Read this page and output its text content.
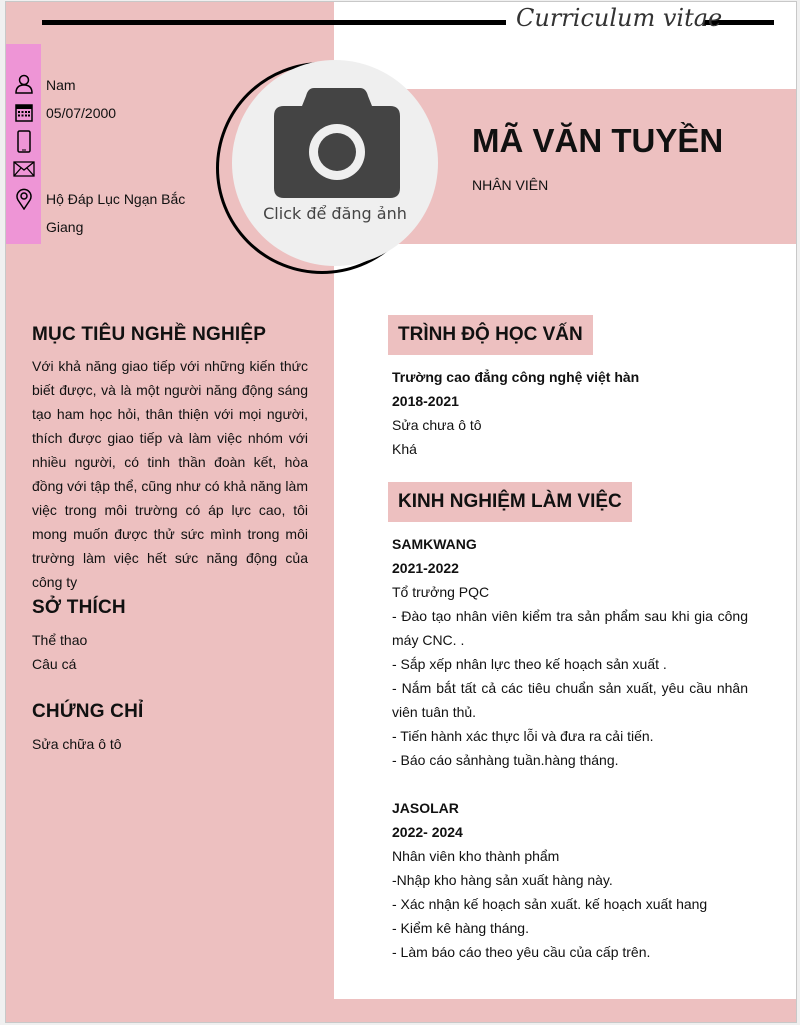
Curriculum vitae
Nam
05/07/2000
Hộ Đáp Lục Ngạn Bắc Giang
Click để đăng ảnh
MÃ VĂN TUYỀN
NHÂN VIÊN
MỤC TIÊU NGHỀ NGHIỆP
Với khả năng giao tiếp với những kiến thức biết được, và là một người năng động sáng tạo ham học hỏi, thân thiện với mọi người, thích được giao tiếp và làm việc nhóm với nhiều người, có tinh thần đoàn kết, hòa đồng với tập thể, cũng như có khả năng làm việc trong môi trường có áp lực cao, tôi mong muốn được thử sức mình trong môi trường làm việc hết sức năng động của công ty
SỞ THÍCH
Thể thao
Câu cá
CHỨNG CHỈ
Sửa chữa ô tô
TRÌNH ĐỘ HỌC VẤN
Trường cao đẳng công nghệ việt hàn
2018-2021
Sửa chưa ô tô
Khá
KINH NGHIỆM LÀM VIỆC
SAMKWANG
2021-2022
Tổ trưởng PQC
- Đào tạo nhân viên kiểm tra sản phẩm sau khi gia công máy CNC. .
- Sắp xếp nhân lực theo kế hoạch sản xuất .
- Nắm bắt tất cả các tiêu chuẩn sản xuất, yêu cầu nhân viên tuân thủ.
- Tiến hành xác thực lỗi và đưa ra cải tiến.
- Báo cáo sảnhàng tuần.hàng tháng.
JASOLAR
2022- 2024
Nhân viên kho thành phẩm
-Nhập kho hàng sản xuất hàng này.
- Xác nhận kế hoạch sản xuất. kế hoạch xuất hang
- Kiểm kê hàng tháng.
- Làm báo cáo theo yêu cầu của cấp trên.
